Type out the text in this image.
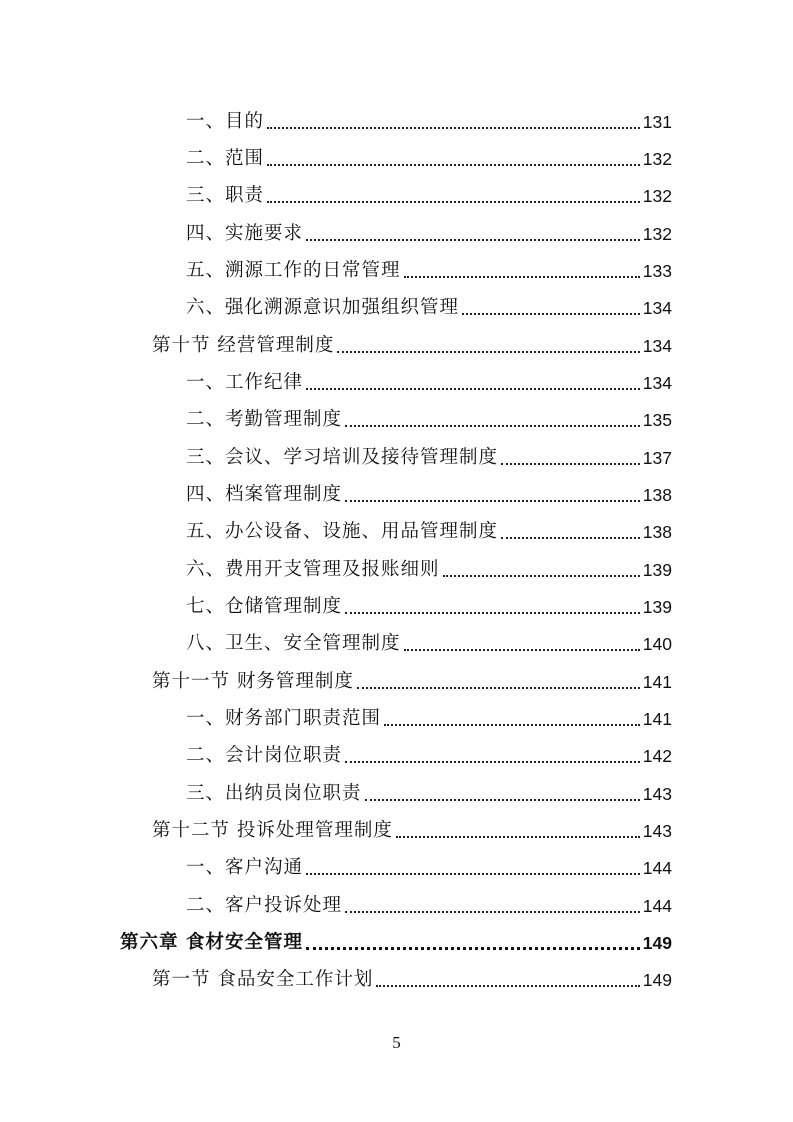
一、目的	131
二、范围	132
三、职责	132
四、实施要求	132
五、溯源工作的日常管理	133
六、强化溯源意识加强组织管理	134
第十节 经营管理制度	134
一、工作纪律	134
二、考勤管理制度	135
三、会议、学习培训及接待管理制度	137
四、档案管理制度	138
五、办公设备、设施、用品管理制度	138
六、费用开支管理及报账细则	139
七、仓储管理制度	139
八、卫生、安全管理制度	140
第十一节 财务管理制度	141
一、财务部门职责范围	141
二、会计岗位职责	142
三、出纳员岗位职责	143
第十二节 投诉处理管理制度	143
一、客户沟通	144
二、客户投诉处理	144
第六章 食材安全管理	149
第一节 食品安全工作计划	149
5
